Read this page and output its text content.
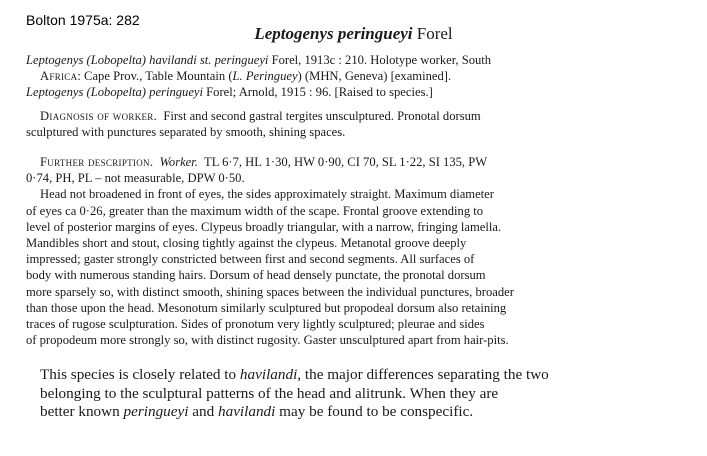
Bolton 1975a: 282
Leptogenys peringueyi Forel

Leptogenys (Lobopelta) havilandi st. peringueyi Forel, 1913c : 210. Holotype worker, South

Africa: Cape Prov., Table Mountain (L. Peringuey) (MHN, Geneva) [examined].

Leptogenys (Lobopelta) peringueyi Forel; Arnold, 1915 : 96. [Raised to species.]

Diagnosis of worker. First and second gastral tergites unsculptured. Pronotal dorsum

sculptured with punctures separated by smooth, shining spaces.

Further description. Worker. TL 6·7, HL 1·30, HW 0·90, CI 70, SL 1·22, SI 135, PW

0·74, PH, PL – not measurable, DPW 0·50.

Head not broadened in front of eyes, the sides approximately straight. Maximum diameter

of eyes ca 0·26, greater than the maximum width of the scape. Frontal groove extending to

level of posterior margins of eyes. Clypeus broadly triangular, with a narrow, fringing lamella.

Mandibles short and stout, closing tightly against the clypeus. Metanotal groove deeply

impressed; gaster strongly constricted between first and second segments. All surfaces of

body with numerous standing hairs. Dorsum of head densely punctate, the pronotal dorsum

more sparsely so, with distinct smooth, shining spaces between the individual punctures, broader

than those upon the head. Mesonotum similarly sculptured but propodeal dorsum also retaining

traces of rugose sculpturation. Sides of pronotum very lightly sculptured; pleurae and sides

of propodeum more strongly so, with distinct rugosity. Gaster unsculptured apart from hair-pits.

This species is closely related to havilandi, the major differences separating the two

belonging to the sculptural patterns of the head and alitrunk. When they are

better known peringueyi and havilandi may be found to be conspecific.
